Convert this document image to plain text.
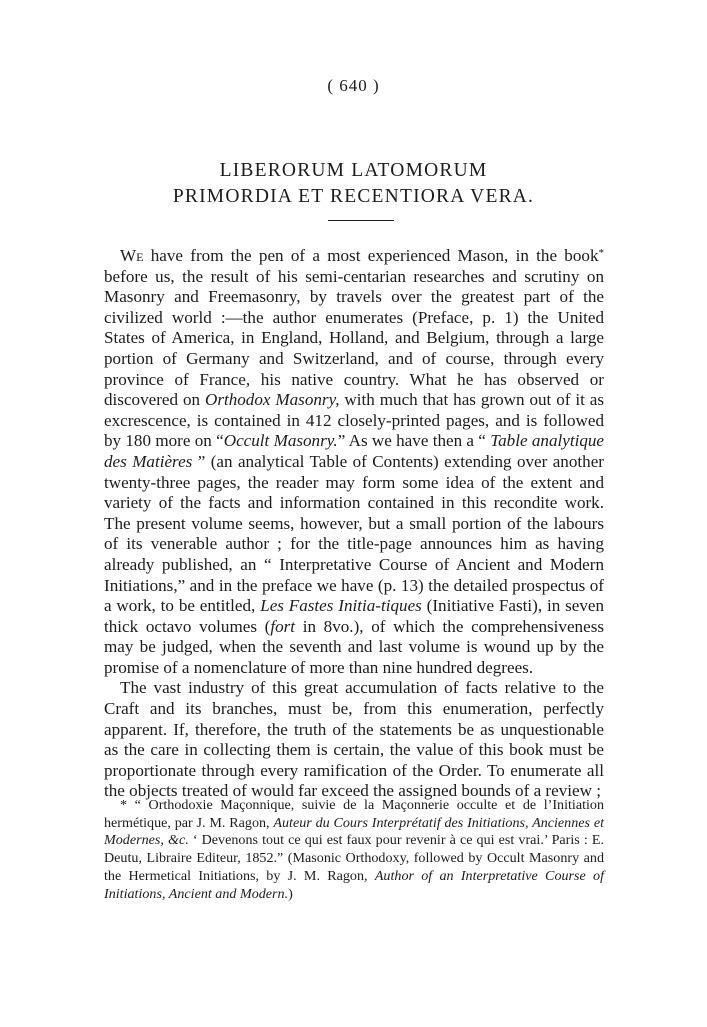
( 640 )
LIBERORUM LATOMORUM
PRIMORDIA ET RECENTIORA VERA.

We have from the pen of a most experienced Mason, in the book* before us, the result of his semi-centarian researches and scrutiny on Masonry and Freemasonry, by travels over the greatest part of the civilized world :—the author enumerates (Preface, p. 1) the United States of America, in England, Holland, and Belgium, through a large portion of Germany and Switzerland, and of course, through every province of France, his native country. What he has observed or discovered on Orthodox Masonry, with much that has grown out of it as excrescence, is contained in 412 closely-printed pages, and is followed by 180 more on “Occult Masonry.” As we have then a “ Table analytique des Matières ” (an analytical Table of Contents) extending over another twenty-three pages, the reader may form some idea of the extent and variety of the facts and information contained in this recondite work. The present volume seems, however, but a small portion of the labours of its venerable author ; for the title-page announces him as having already published, an “ Interpretative Course of Ancient and Modern Initiations,” and in the preface we have (p. 13) the detailed prospectus of a work, to be entitled, Les Fastes Initia-tiques (Initiative Fasti), in seven thick octavo volumes (fort in 8vo.), of which the comprehensiveness may be judged, when the seventh and last volume is wound up by the promise of a nomenclature of more than nine hundred degrees.

The vast industry of this great accumulation of facts relative to the Craft and its branches, must be, from this enumeration, perfectly apparent. If, therefore, the truth of the statements be as unquestionable as the care in collecting them is certain, the value of this book must be proportionate through every ramification of the Order. To enumerate all the objects treated of would far exceed the assigned bounds of a review ;

* “ Orthodoxie Maçonnique, suivie de la Maçonnerie occulte et de l’Initiation hermétique, par J. M. Ragon, Auteur du Cours Interprétatif des Initiations, Anciennes et Modernes, &c. ‘ Devenons tout ce qui est faux pour revenir à ce qui est vrai.’ Paris : E. Deutu, Libraire Editeur, 1852.” (Masonic Orthodoxy, followed by Occult Masonry and the Hermetical Initiations, by J. M. Ragon, Author of an Interpretative Course of Initiations, Ancient and Modern.)
